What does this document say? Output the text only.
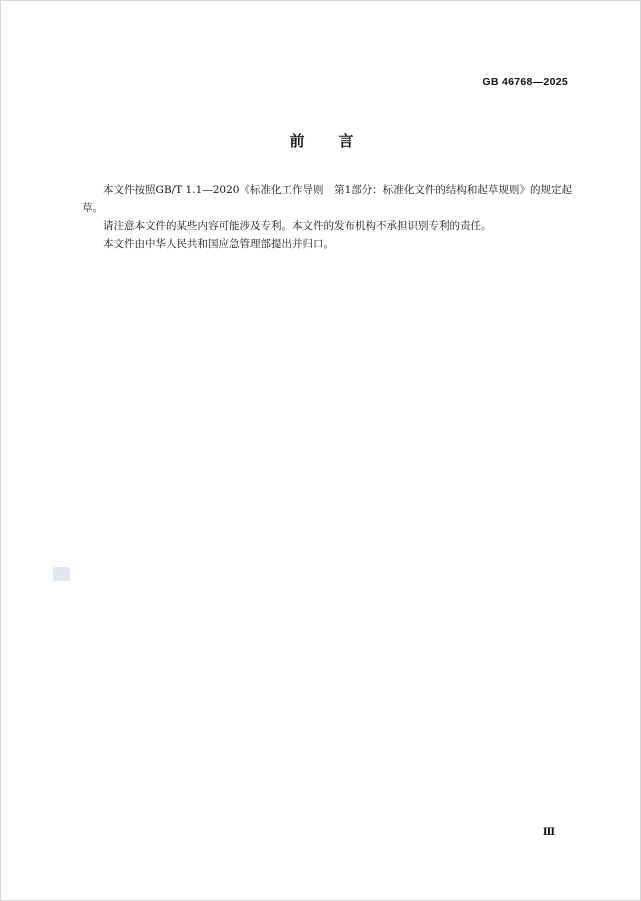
GB 46768—2025
前言

本文件按照GB/T 1.1—2020《标准化工作导则　第1部分：标准化文件的结构和起草规则》的规定起草。

请注意本文件的某些内容可能涉及专利。本文件的发布机构不承担识别专利的责任。

本文件由中华人民共和国应急管理部提出并归口。

Ⅲ
